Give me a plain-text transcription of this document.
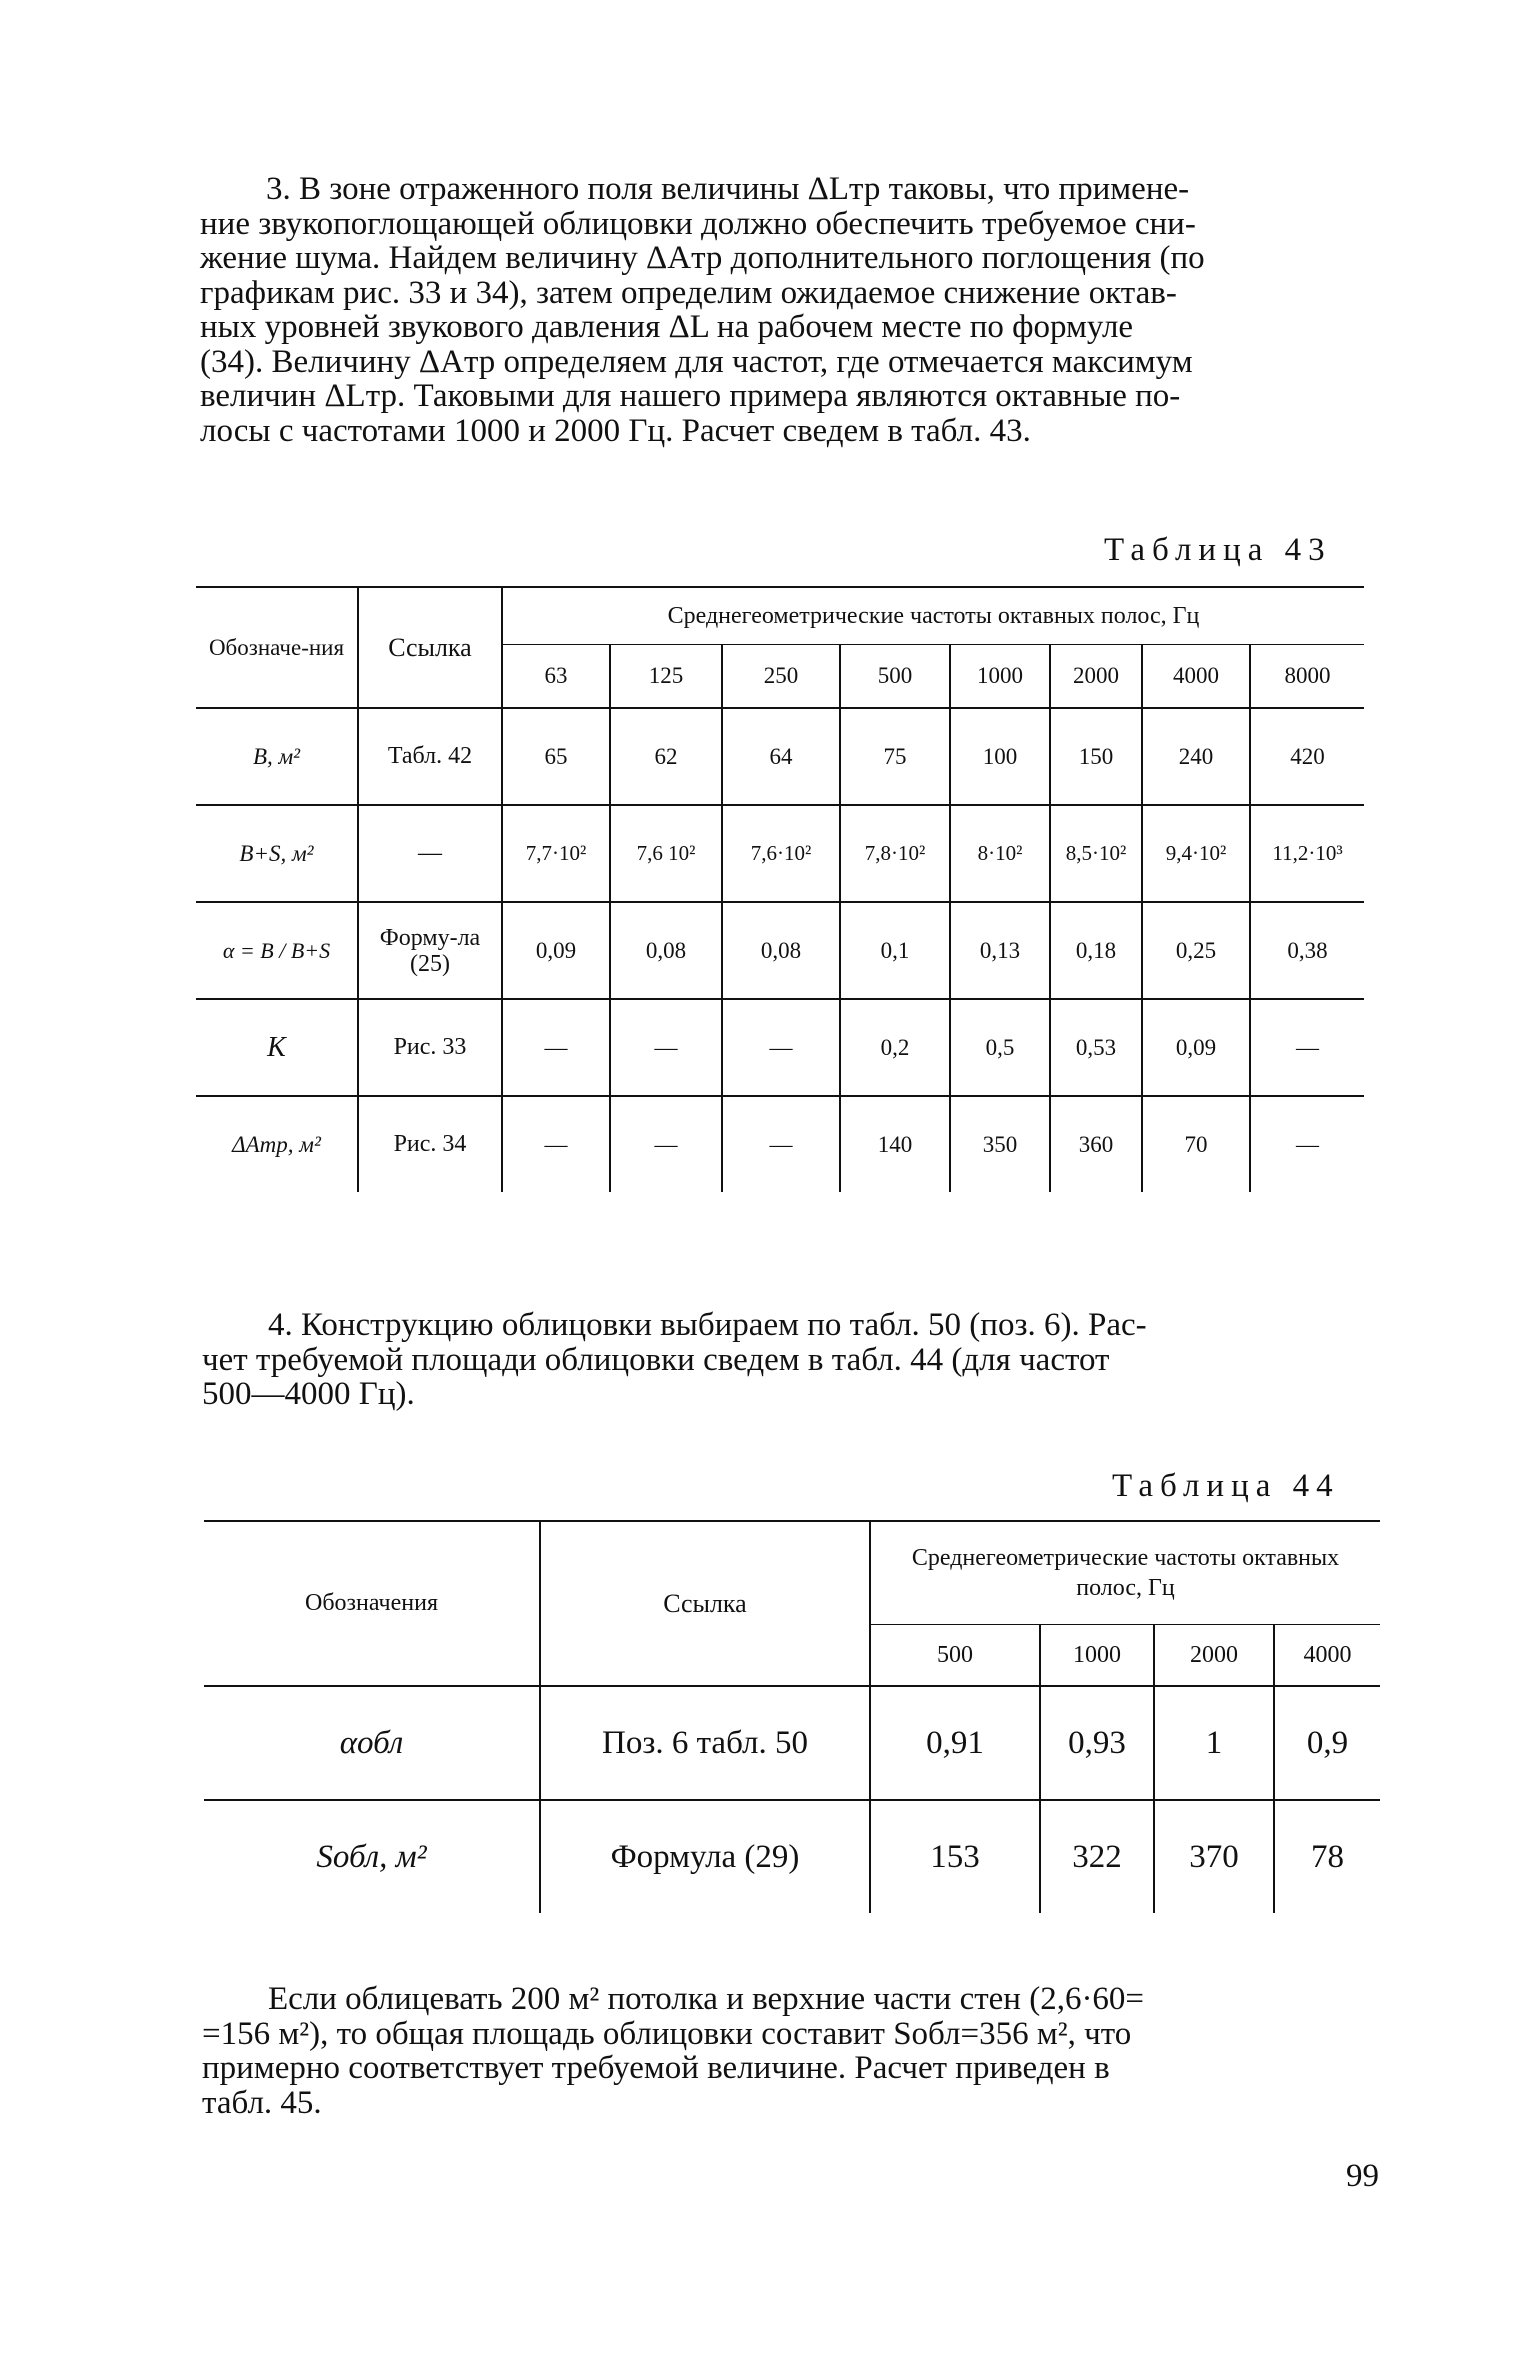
3. В зоне отраженного поля величины ΔLтр таковы, что примене-

ние звукопоглощающей облицовки должно обеспечить требуемое сни-

жение шума. Найдем величину ΔAтр дополнительного поглощения (по

графикам рис. 33 и 34), затем определим ожидаемое снижение октав-

ных уровней звукового давления ΔL на рабочем месте по формуле

(34). Величину ΔAтр определяем для частот, где отмечается максимум

величин ΔLтр. Таковыми для нашего примера являются октавные по-

лосы с частотами 1000 и 2000 Гц. Расчет сведем в табл. 43.

Таблица 43
Обозначе-ния	Ссылка	Среднегеометрические частоты октавных полос, Гц							
		63	125	250	500	1000	2000	4000	8000
B, м²	Табл. 42	65	62	64	75	100	150	240	420
B+S, м²	—	7,7·10²	7,6 10²	7,6·10²	7,8·10²	8·10²	8,5·10²	9,4·10²	11,2·10³
α = B / B+S	Форму-ла (25)	0,09	0,08	0,08	0,1	0,13	0,18	0,25	0,38
K	Рис. 33	—	—	—	0,2	0,5	0,53	0,09	—
ΔAтр, м²	Рис. 34	—	—	—	140	350	360	70	—

4. Конструкцию облицовки выбираем по табл. 50 (поз. 6). Рас-

чет требуемой площади облицовки сведем в табл. 44 (для частот

500—4000 Гц).

Таблица 44
Обозначения	Ссылка	Среднегеометрические частоты октавных полос, Гц			
		500	1000	2000	4000
αобл	Поз. 6 табл. 50	0,91	0,93	1	0,9
Sобл, м²	Формула (29)	153	322	370	78

Если облицевать 200 м² потолка и верхние части стен (2,6·60=

=156 м²), то общая площадь облицовки составит Sобл=356 м², что

примерно соответствует требуемой величине. Расчет приведен в

табл. 45.

99
